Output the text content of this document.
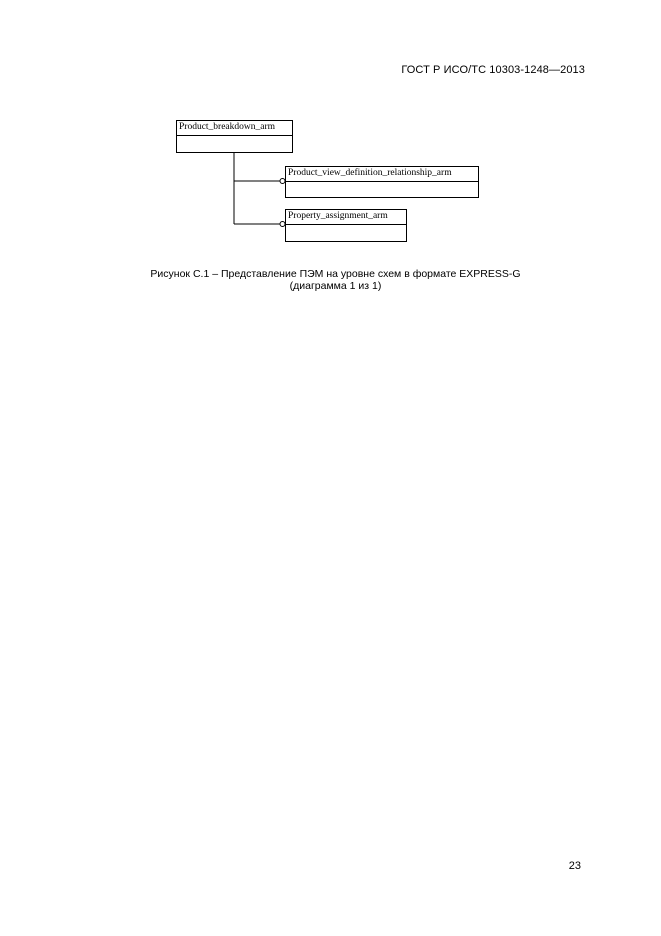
ГОСТ Р ИСО/ТС 10303-1248—2013
Product_breakdown_arm
Product_view_definition_relationship_arm
Property_assignment_arm
Рисунок С.1 – Представление ПЭМ на уровне схем в формате EXPRESS-G
(диаграмма 1 из 1)
23
